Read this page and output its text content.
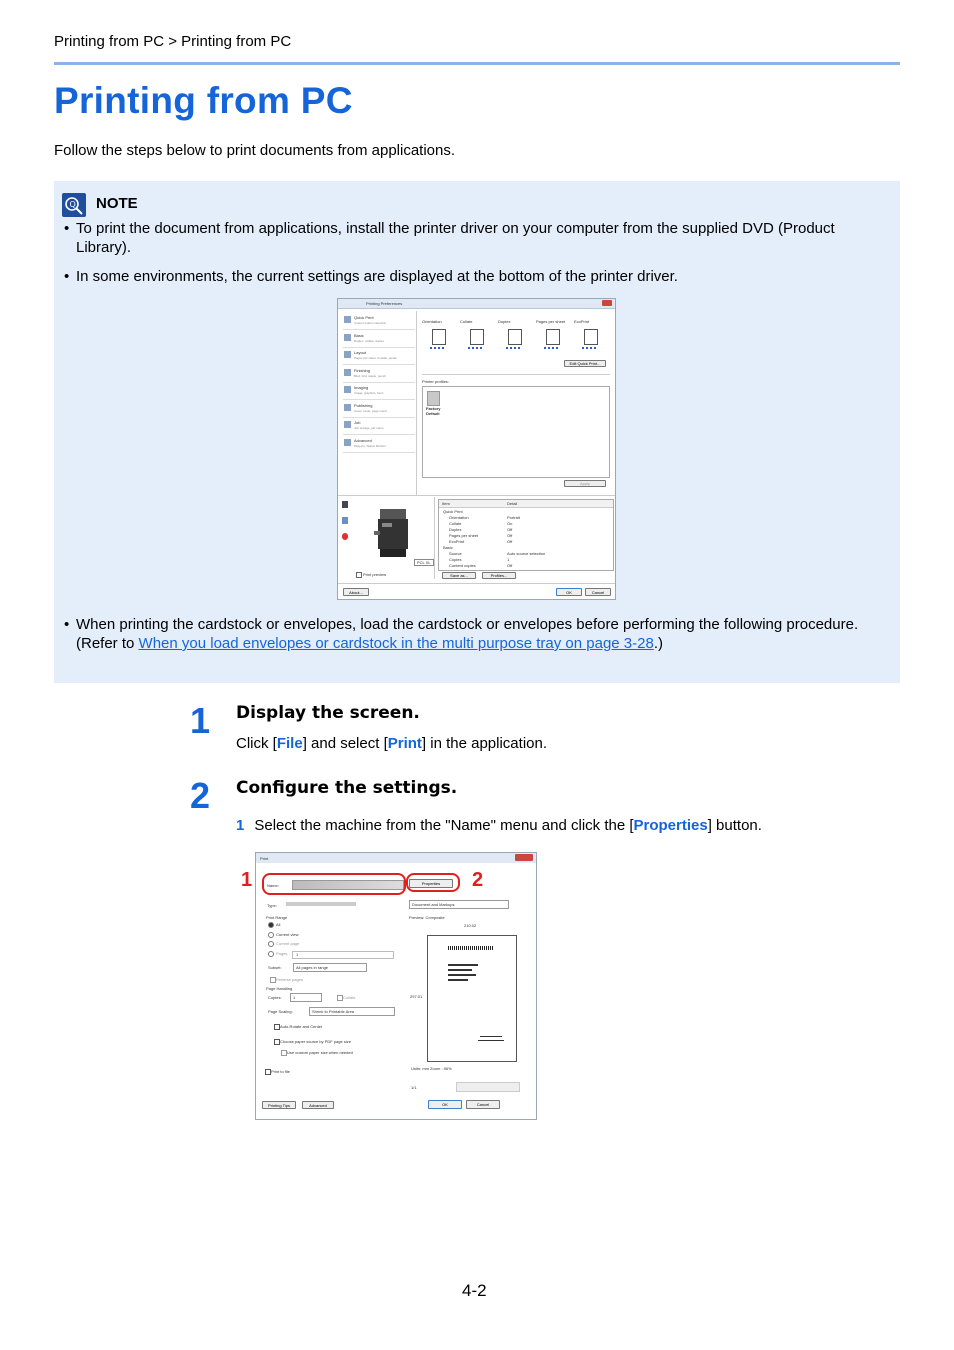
Printing from PC > Printing from PC
Printing from PC
Follow the steps below to print documents from applications.
Q NOTE
• To print the document from applications, install the printer driver on your computer from the supplied DVD (Product Library).
• In some environments, the current settings are displayed at the bottom of the printer driver.
• When printing the cardstock or envelopes, load the cardstock or envelopes before performing the following procedure.
(Refer to When you load envelopes or cardstock in the multi purpose tray on page 3-28.)
Printing Preferences
Quick Print
Custom button selection
Basic
Duplex, collate, duplex
Layout
Pages per sheet, booklet, poster
Finishing
Bind, fold, staple, punch
Imaging
Image, graphics, fonts
Publishing
Cover mode, page insert
Job
Job storage, job name
Advanced
Plug-ins, Status Monitor
Orientation	Collate	Duplex	Pages per sheet EcoPrint
Edit Quick Print...
Printer profiles:
Factory Default
Apply
PCL XL
Print preview
Item	Detail
Quick Print
Orientation	Portrait
Collate	On
Duplex	Off
Pages per sheet	Off
EcoPrint	Off
Basic
Source	Auto source selection
Copies	1
Content copies	Off
Save as...	Profiles...
About...	OK	Cancel
1 Display the screen.
Click [File] and select [Print] in the application.
2 Configure the settings.
1 Select the machine from the "Name" menu and click the [Properties] button.
Print
Name:	Properties
Type:	Document and Markups
Print Range
All
Current view
Current page
Pages 1
Subset:	All pages in range
Reverse pages
Page Handling
Copies:	1	Collate
Page Scaling:	Shrink to Printable Area
Auto-Rotate and Center
Choose paper source by PDF page size
Use custom paper size when needed
Print to file
Preview: Composite
210.02
297.01
Units: mm Zoom : 96%
1/1
Printing Tips	Advanced	OK	Cancel
1	2
4-2
